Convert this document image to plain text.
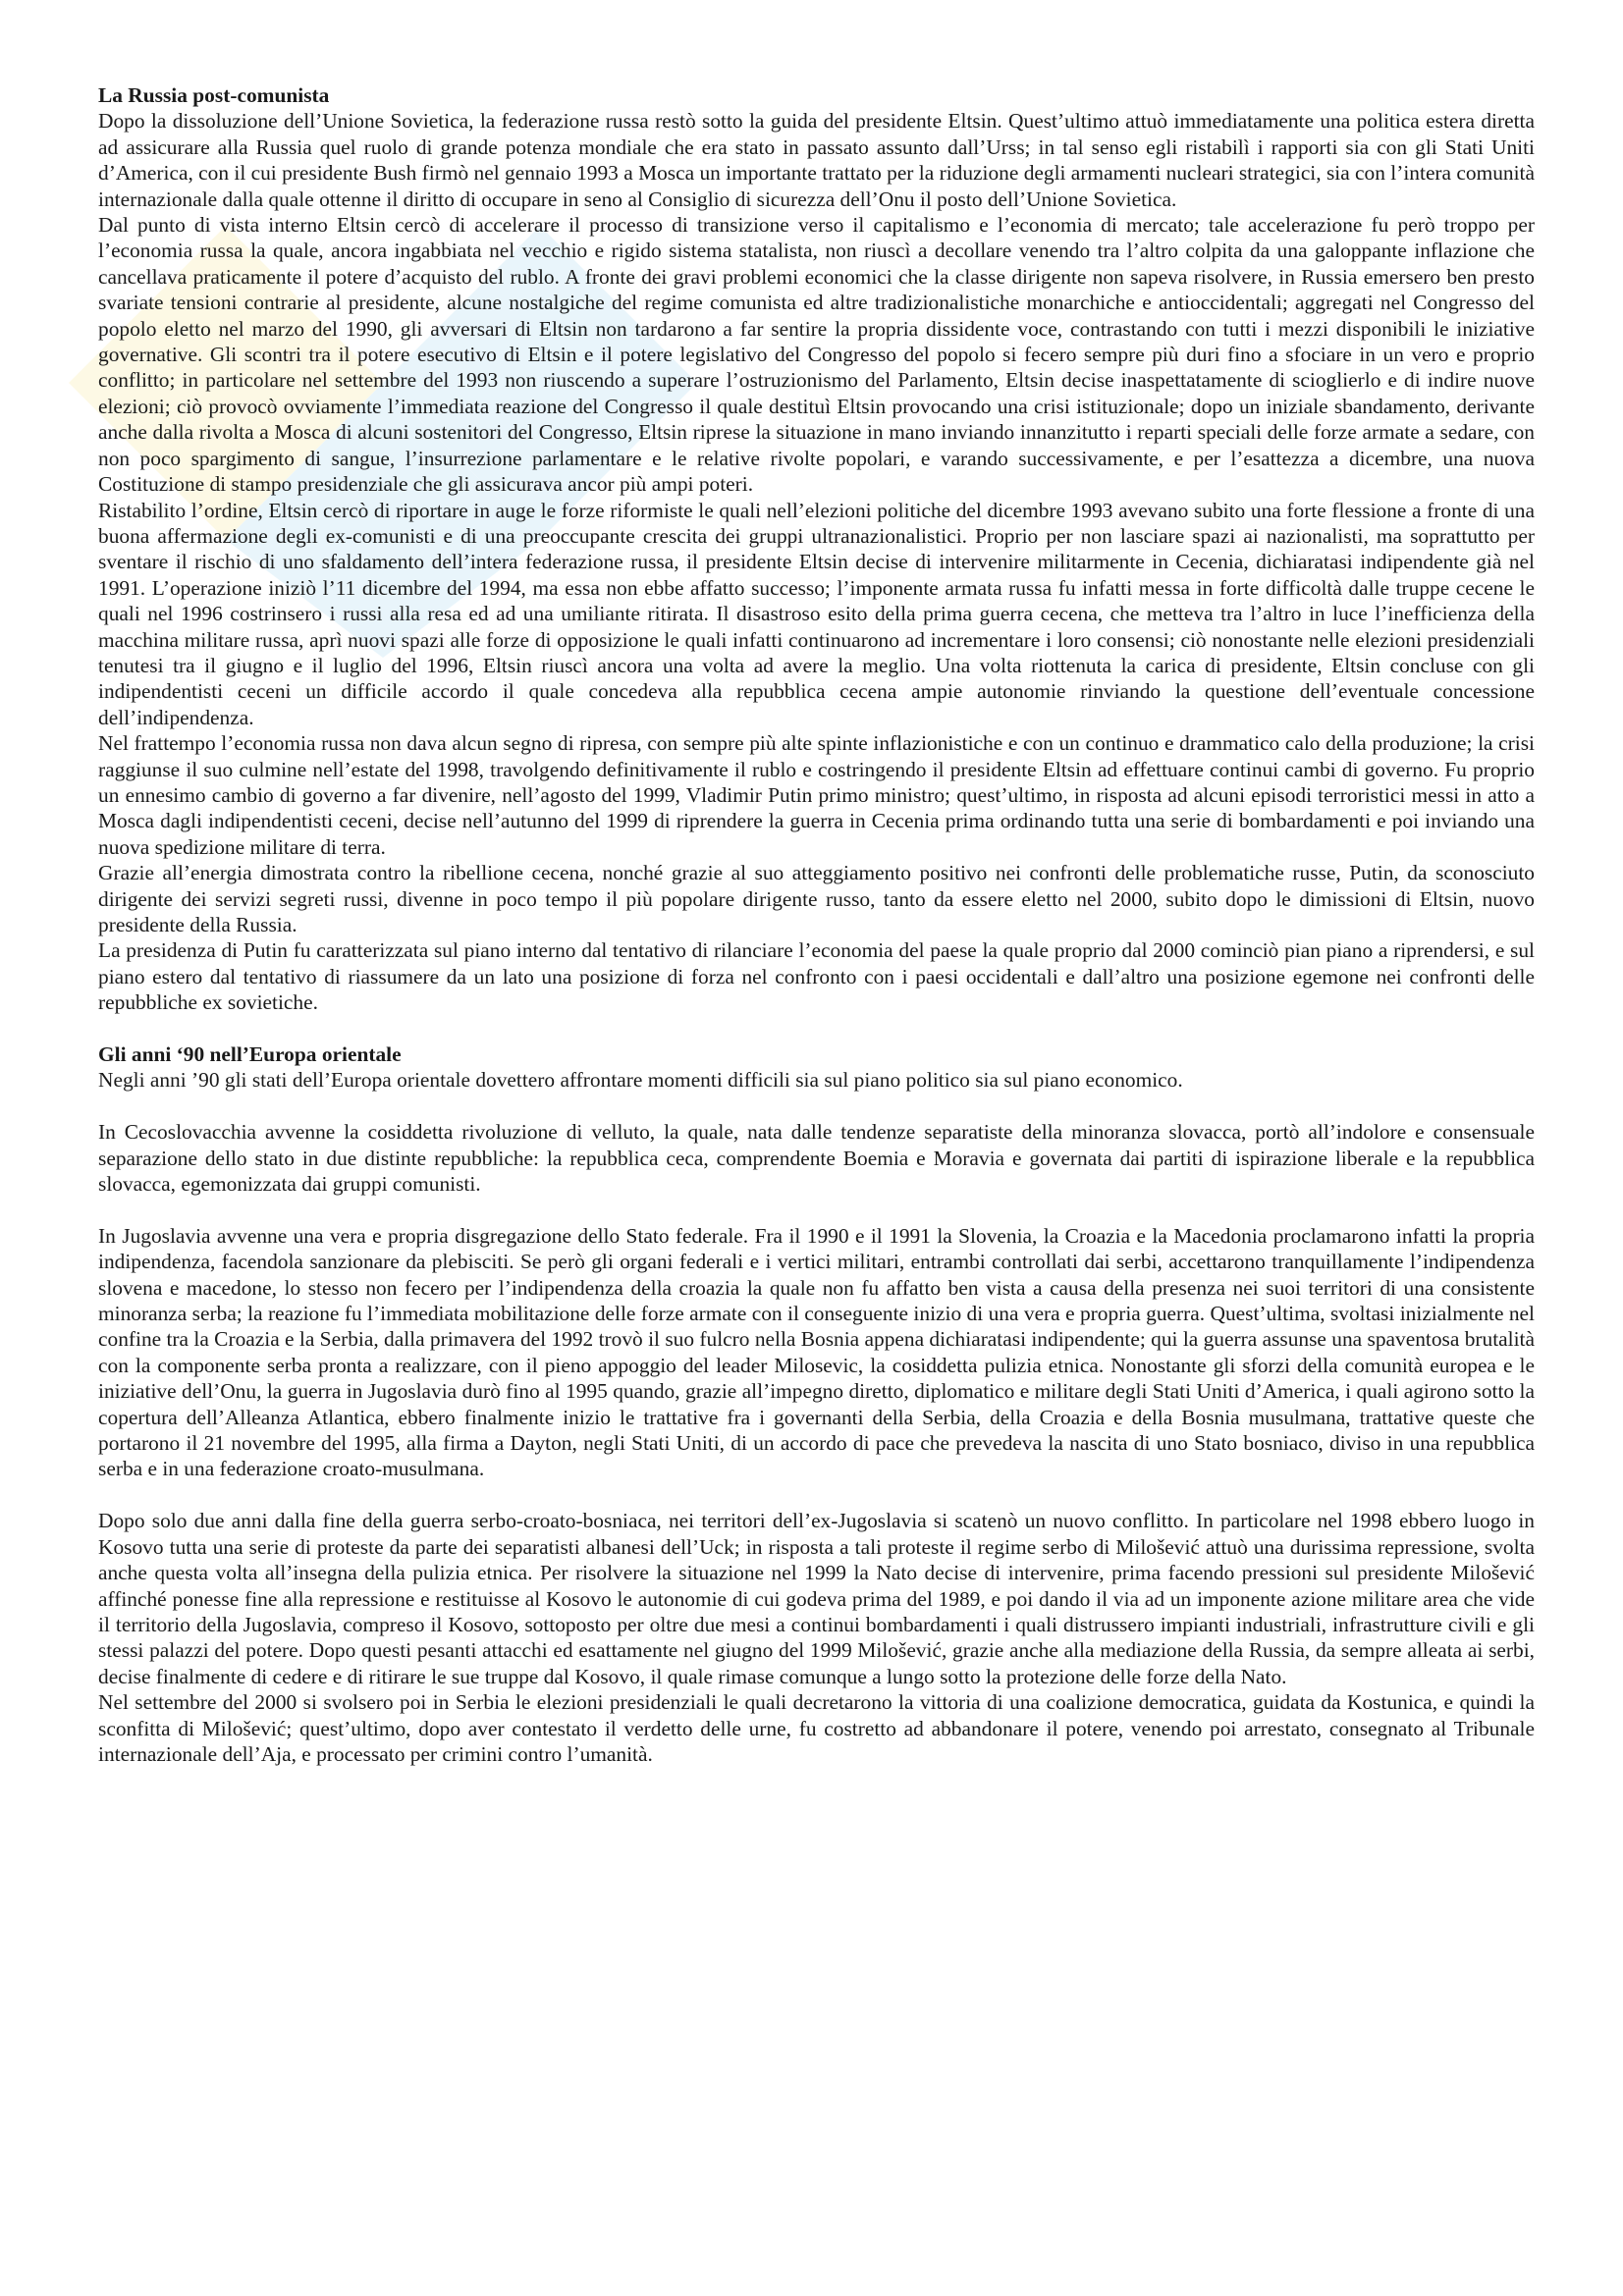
La Russia post-comunista

Dopo la dissoluzione dell’Unione Sovietica, la federazione russa restò sotto la guida del presidente Eltsin. Quest’ultimo attuò immediatamente una politica estera diretta ad assicurare alla Russia quel ruolo di grande potenza mondiale che era stato in passato assunto dall’Urss; in tal senso egli ristabilì i rapporti sia con gli Stati Uniti d’America, con il cui presidente Bush firmò nel gennaio 1993 a Mosca un importante trattato per la riduzione degli armamenti nucleari strategici, sia con l’intera comunità internazionale dalla quale ottenne il diritto di occupare in seno al Consiglio di sicurezza dell’Onu il posto dell’Unione Sovietica.

Dal punto di vista interno Eltsin cercò di accelerare il processo di transizione verso il capitalismo e l’economia di mercato; tale accelerazione fu però troppo per l’economia russa la quale, ancora ingabbiata nel vecchio e rigido sistema statalista, non riuscì a decollare venendo tra l’altro colpita da una galoppante inflazione che cancellava praticamente il potere d’acquisto del rublo. A fronte dei gravi problemi economici che la classe dirigente non sapeva risolvere, in Russia emersero ben presto svariate tensioni contrarie al presidente, alcune nostalgiche del regime comunista ed altre tradizionalistiche monarchiche e antioccidentali; aggregati nel Congresso del popolo eletto nel marzo del 1990, gli avversari di Eltsin non tardarono a far sentire la propria dissidente voce, contrastando con tutti i mezzi disponibili le iniziative governative. Gli scontri tra il potere esecutivo di Eltsin e il potere legislativo del Congresso del popolo si fecero sempre più duri fino a sfociare in un vero e proprio conflitto; in particolare nel settembre del 1993 non riuscendo a superare l’ostruzionismo del Parlamento, Eltsin decise inaspettatamente di scioglierlo e di indire nuove elezioni; ciò provocò ovviamente l’immediata reazione del Congresso il quale destituì Eltsin provocando una crisi istituzionale; dopo un iniziale sbandamento, derivante anche dalla rivolta a Mosca di alcuni sostenitori del Congresso, Eltsin riprese la situazione in mano inviando innanzitutto i reparti speciali delle forze armate a sedare, con non poco spargimento di sangue, l’insurrezione parlamentare e le relative rivolte popolari, e varando successivamente, e per l’esattezza a dicembre, una nuova Costituzione di stampo presidenziale che gli assicurava ancor più ampi poteri.

Ristabilito l’ordine, Eltsin cercò di riportare in auge le forze riformiste le quali nell’elezioni politiche del dicembre 1993 avevano subito una forte flessione a fronte di una buona affermazione degli ex-comunisti e di una preoccupante crescita dei gruppi ultranazionalistici. Proprio per non lasciare spazi ai nazionalisti, ma soprattutto per sventare il rischio di uno sfaldamento dell’intera federazione russa, il presidente Eltsin decise di intervenire militarmente in Cecenia, dichiaratasi indipendente già nel 1991. L’operazione iniziò l’11 dicembre del 1994, ma essa non ebbe affatto successo; l’imponente armata russa fu infatti messa in forte difficoltà dalle truppe cecene le quali nel 1996 costrinsero i russi alla resa ed ad una umiliante ritirata. Il disastroso esito della prima guerra cecena, che metteva tra l’altro in luce l’inefficienza della macchina militare russa, aprì nuovi spazi alle forze di opposizione le quali infatti continuarono ad incrementare i loro consensi; ciò nonostante nelle elezioni presidenziali tenutesi tra il giugno e il luglio del 1996, Eltsin riuscì ancora una volta ad avere la meglio. Una volta riottenuta la carica di presidente, Eltsin concluse con gli indipendentisti ceceni un difficile accordo il quale concedeva alla repubblica cecena ampie autonomie rinviando la questione dell’eventuale concessione dell’indipendenza.

Nel frattempo l’economia russa non dava alcun segno di ripresa, con sempre più alte spinte inflazionistiche e con un continuo e drammatico calo della produzione; la crisi raggiunse il suo culmine nell’estate del 1998, travolgendo definitivamente il rublo e costringendo il presidente Eltsin ad effettuare continui cambi di governo. Fu proprio un ennesimo cambio di governo a far divenire, nell’agosto del 1999, Vladimir Putin primo ministro; quest’ultimo, in risposta ad alcuni episodi terroristici messi in atto a Mosca dagli indipendentisti ceceni, decise nell’autunno del 1999 di riprendere la guerra in Cecenia prima ordinando tutta una serie di bombardamenti e poi inviando una nuova spedizione militare di terra.

Grazie all’energia dimostrata contro la ribellione cecena, nonché grazie al suo atteggiamento positivo nei confronti delle problematiche russe, Putin, da sconosciuto dirigente dei servizi segreti russi, divenne in poco tempo il più popolare dirigente russo, tanto da essere eletto nel 2000, subito dopo le dimissioni di Eltsin, nuovo presidente della Russia.

La presidenza di Putin fu caratterizzata sul piano interno dal tentativo di rilanciare l’economia del paese la quale proprio dal 2000 cominciò pian piano a riprendersi, e sul piano estero dal tentativo di riassumere da un lato una posizione di forza nel confronto con i paesi occidentali e dall’altro una posizione egemone nei confronti delle repubbliche ex sovietiche.

Gli anni ‘90 nell’Europa orientale

Negli anni ’90 gli stati dell’Europa orientale dovettero affrontare momenti difficili sia sul piano politico sia sul piano economico.

In Cecoslovacchia avvenne la cosiddetta rivoluzione di velluto, la quale, nata dalle tendenze separatiste della minoranza slovacca, portò all’indolore e consensuale separazione dello stato in due distinte repubbliche: la repubblica ceca, comprendente Boemia e Moravia e governata dai partiti di ispirazione liberale e la repubblica slovacca, egemonizzata dai gruppi comunisti.

In Jugoslavia avvenne una vera e propria disgregazione dello Stato federale. Fra il 1990 e il 1991 la Slovenia, la Croazia e la Macedonia proclamarono infatti la propria indipendenza, facendola sanzionare da plebisciti. Se però gli organi federali e i vertici militari, entrambi controllati dai serbi, accettarono tranquillamente l’indipendenza slovena e macedone, lo stesso non fecero per l’indipendenza della croazia la quale non fu affatto ben vista a causa della presenza nei suoi territori di una consistente minoranza serba; la reazione fu l’immediata mobilitazione delle forze armate con il conseguente inizio di una vera e propria guerra. Quest’ultima, svoltasi inizialmente nel confine tra la Croazia e la Serbia, dalla primavera del 1992 trovò il suo fulcro nella Bosnia appena dichiaratasi indipendente; qui la guerra assunse una spaventosa brutalità con la componente serba pronta a realizzare, con il pieno appoggio del leader Milosevic, la cosiddetta pulizia etnica. Nonostante gli sforzi della comunità europea e le iniziative dell’Onu, la guerra in Jugoslavia durò fino al 1995 quando, grazie all’impegno diretto, diplomatico e militare degli Stati Uniti d’America, i quali agirono sotto la copertura dell’Alleanza Atlantica, ebbero finalmente inizio le trattative fra i governanti della Serbia, della Croazia e della Bosnia musulmana, trattative queste che portarono il 21 novembre del 1995, alla firma a Dayton, negli Stati Uniti, di un accordo di pace che prevedeva la nascita di uno Stato bosniaco, diviso in una repubblica serba e in una federazione croato-musulmana.

Dopo solo due anni dalla fine della guerra serbo-croato-bosniaca, nei territori dell’ex-Jugoslavia si scatenò un nuovo conflitto. In particolare nel 1998 ebbero luogo in Kosovo tutta una serie di proteste da parte dei separatisti albanesi dell’Uck; in risposta a tali proteste il regime serbo di Milošević attuò una durissima repressione, svolta anche questa volta all’insegna della pulizia etnica. Per risolvere la situazione nel 1999 la Nato decise di intervenire, prima facendo pressioni sul presidente Milošević affinché ponesse fine alla repressione e restituisse al Kosovo le autonomie di cui godeva prima del 1989, e poi dando il via ad un imponente azione militare area che vide il territorio della Jugoslavia, compreso il Kosovo, sottoposto per oltre due mesi a continui bombardamenti i quali distrussero impianti industriali, infrastrutture civili e gli stessi palazzi del potere. Dopo questi pesanti attacchi ed esattamente nel giugno del 1999 Milošević, grazie anche alla mediazione della Russia, da sempre alleata ai serbi, decise finalmente di cedere e di ritirare le sue truppe dal Kosovo, il quale rimase comunque a lungo sotto la protezione delle forze della Nato.

Nel settembre del 2000 si svolsero poi in Serbia le elezioni presidenziali le quali decretarono la vittoria di una coalizione democratica, guidata da Kostunica, e quindi la sconfitta di Milošević; quest’ultimo, dopo aver contestato il verdetto delle urne, fu costretto ad abbandonare il potere, venendo poi arrestato, consegnato al Tribunale internazionale dell’Aja, e processato per crimini contro l’umanità.
